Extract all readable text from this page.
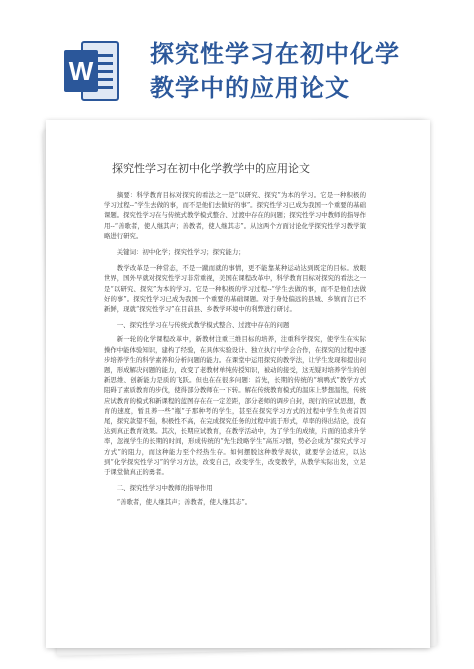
W
探究性学习在初中化学
教学中的应用论文
探究性学习在初中化学教学中的应用论文

摘要：科学教育目标对探究的看法之一是“以研究、探究”为本的学习。它是一种积极的学习过程--“学生去做的事，而不是他们去做好的事”。探究性学习已成为我国一个重要的基础课题。探究性学习在与传统式教学模式整合、过渡中存在的问题；探究性学习中教师的指导作用--“善歌者，使人继其声；善教者，使人继其志”。从这两个方面讨论化学探究性学习教学策略进行研究。

关键词：初中化学；探究性学习；探究能力；

教学改革是一种常态，不是一蹴而就的事情，更不能靠某种运动达到既定的目标。放眼世界，国外早就对探究性学习非常重视，美国在课程改革中，科学教育目标对探究的看法之一是“以研究、探究”为本的学习。它是一种积极的学习过程--“学生去做的事，而不是他们去做好的事”。探究性学习已成为我国一个重要的基础课题。对于身处偏远的县城、乡镇而言已不新鲜，现就“探究性学习”在目前县、乡教学环境中的利弊进行研讨。

一、探究性学习在与传统式教学模式整合、过渡中存在的问题

新一轮的化学课程改革中，新教材注重三维目标的培养，注重科学探究，使学生在实际操作中能体验知识，建构了经验，在具体实验设计、独立执行中学会合作，在探究的过程中逐步培养学生的科学素养和分析问题的能力。在课堂中运用探究的教学法，让学生发现和提出问题，形成解决问题的能力，改变了老教材单纯传授知识，被动的接受，这无疑对培养学生的创新思维、创新能力是质的飞跃。但也在在很多问题：首先，长期的传统的“填鸭式”教学方式阻碍了素质教育的步伐，使得部分教师在一下转。解在传统教育模式的温床上梦想温饱，传统应试教育的模式和新课程的蓝图存在在一定差距，部分老师的调步自封，现行的应试思想，教育的速度，暂且养一些“瓶”子那种考的学生，甚至在探究学习方式的过程中学生负责首因尾，探究款望不强，积极性不高，在完成探究任务的过程中流于形式，草率的得出结论，没有达到真正教育效果。其次，长期应试教育，在教学活动中，为了学生的成绩，片面的追求升学率，忽视学生的长期的时间，形成传统的“先生段略学生”高压习惯，势必会成为“探究式学习方式”的阻力，而这种能力至个经热生存。如何摆脱这种教学现状，就要学会适应，以达到“化学探究性学习”的学习方法，改变自己，改变学生，改变教学，从教学实际出发，立足于课堂做真正的勇者。

二、探究性学习中教师的指导作用

“善歌者，使人继其声；善教者，使人继其志”。
